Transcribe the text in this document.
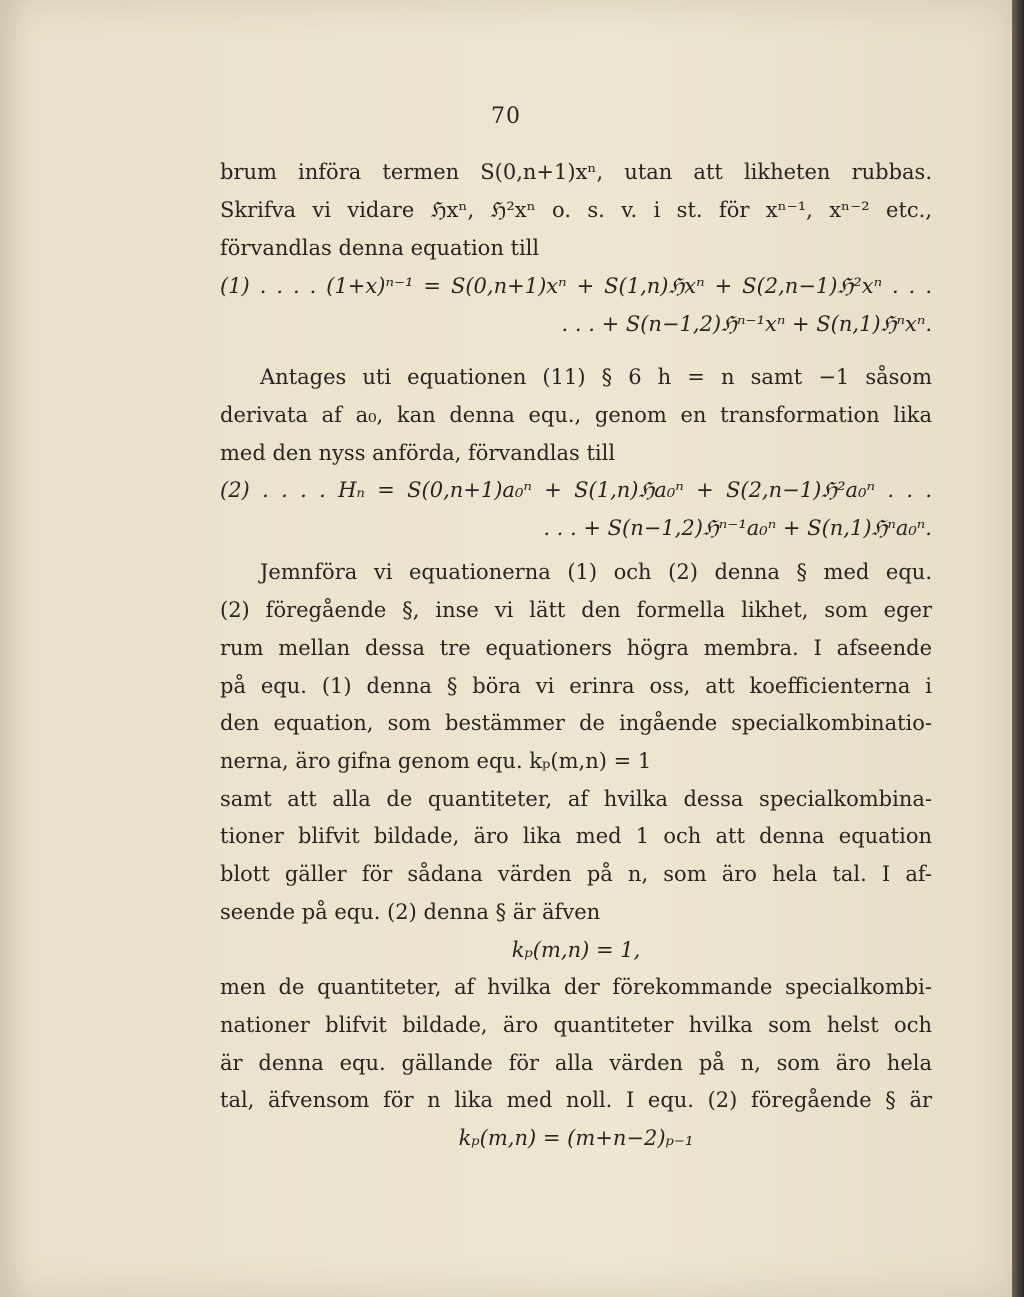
70
brum införa termen S(0,n+1)xⁿ, utan att likheten rubbas.
Skrifva vi vidare ℌxⁿ, ℌ²xⁿ o. s. v. i st. för xⁿ⁻¹, xⁿ⁻² etc.,
förvandlas denna equation till
(1) . . . . (1+x)ⁿ⁻¹ = S(0,n+1)xⁿ + S(1,n)ℌxⁿ + S(2,n−1)ℌ²xⁿ . . .
. . . + S(n−1,2)ℌⁿ⁻¹xⁿ + S(n,1)ℌⁿxⁿ.
Antages uti equationen (11) § 6 h = n samt −1 såsom
derivata af a₀, kan denna equ., genom en transformation lika
med den nyss anförda, förvandlas till
(2) . . . . Hₙ = S(0,n+1)a₀ⁿ + S(1,n)ℌa₀ⁿ + S(2,n−1)ℌ²a₀ⁿ . . .
. . . + S(n−1,2)ℌⁿ⁻¹a₀ⁿ + S(n,1)ℌⁿa₀ⁿ.
Jemnföra vi equationerna (1) och (2) denna § med equ.
(2) föregående §, inse vi lätt den formella likhet, som eger
rum mellan dessa tre equationers högra membra. I afseende
på equ. (1) denna § böra vi erinra oss, att koefficienterna i
den equation, som bestämmer de ingående specialkombinatio-
nerna, äro gifna genom equ. kₚ(m,n) = 1
samt att alla de quantiteter, af hvilka dessa specialkombina-
tioner blifvit bildade, äro lika med 1 och att denna equation
blott gäller för sådana värden på n, som äro hela tal. I af-
seende på equ. (2) denna § är äfven
kₚ(m,n) = 1,
men de quantiteter, af hvilka der förekommande specialkombi-
nationer blifvit bildade, äro quantiteter hvilka som helst och
är denna equ. gällande för alla värden på n, som äro hela
tal, äfvensom för n lika med noll. I equ. (2) föregående § är
kₚ(m,n) = (m+n−2)ₚ₋₁
